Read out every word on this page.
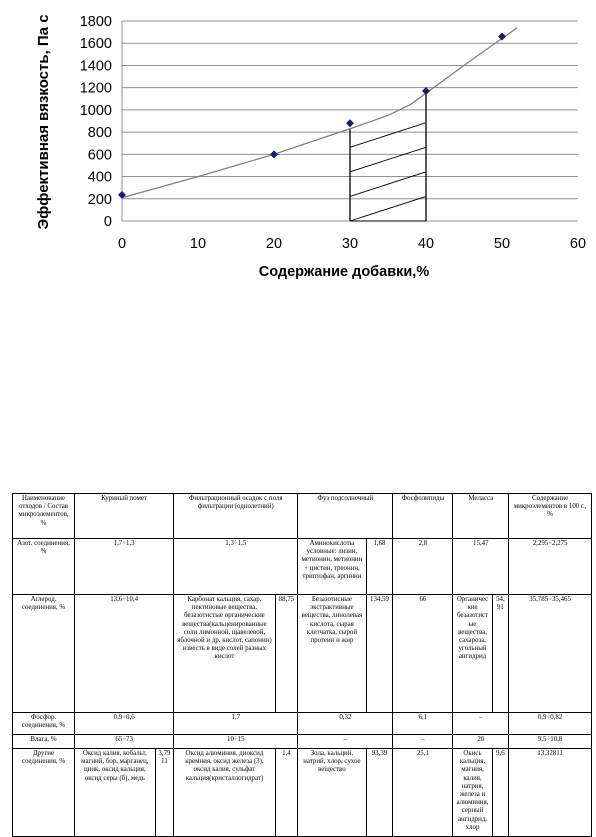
0
200
400
600
800
1000
1200
1400
1600
1800
0	10	20	30	40	50	60
Содержание добавки,%
Эффективная вязкость, Па с
Наименование отходов / Состав микроэлементов, %	Куриный помет		Фильтрационный осадок с поля фильтрации (однолетний)		Фуз подсолнечный		Фосфолипиды	Меласса		Содержание микроэлементов в 100 г., %
Азот. соединения, %	1,7÷1,3		1,3÷1,5		Аминокислоты условные: лизин, метионин, метионин + цистин, треонин, триптофан, аргинин	1,68	2,8	15,47		2,295÷2,275
Аглерод. соединения, %	13,6÷10,4		Карбонат кальция, сахар, пектиновые вещества, безазотистые органические вещества(кальценированные соли лимонной, щавелевой, яблочной и др. кислот, сапонин) известь в виде солей разных кислот	88,75	Безазотисные экстрактивные вещества, линолевая кислота, сырая клетчатка, сырой протеин и жир	134,59	66	Органические безазотистые вещества, сахароза, угольный ангидрид	54,91	35,785÷35,465
Фосфор. соединения, %	0,9÷0,6		1,7		0,32		6,1	–		0,9÷0,82
Влага, %	65÷73		10÷15		–		–	20		9,5÷10,8
Другие соединения, %	Оксид калия, кобальт, магний, бор, марганец, цинк, оксид кальция, оксид серы (б), медь	3,7911	Оксид алюминия, диоксид кремния, оксид железа (3), оксид калия, сульфат кальция(кристаллогидрат)	1,4	Зола, кальций, натрий, хлор, сухое вещество	93,39	25,1	Окись кальция, магния, калия, натрия, железа и алюминия, серный ангидрид, хлор	9,6	13,32811
